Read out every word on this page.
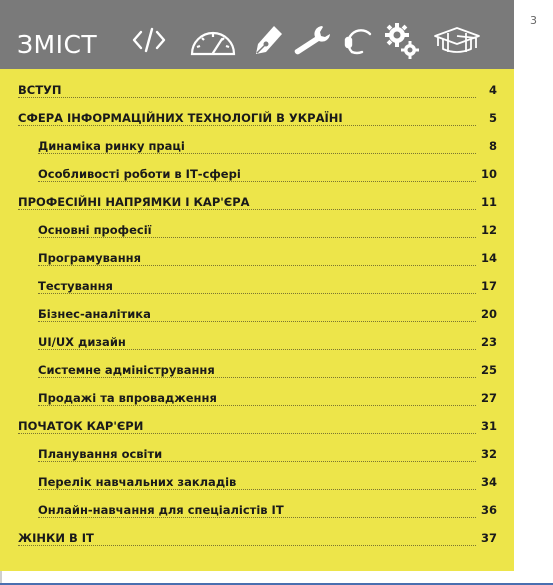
3
ЗМІСТ
ВСТУП	4
СФЕРА ІНФОРМАЦІЙНИХ ТЕХНОЛОГІЙ В УКРАЇНІ	5
Динаміка ринку праці	8
Особливості роботи в ІТ-сфері	10
ПРОФЕСІЙНІ НАПРЯМКИ І КАР'ЄРА	11
Основні професії	12
Програмування	14
Тестування	17
Бізнес-аналітика	20
UI/UX дизайн	23
Системне адміністрування	25
Продажі та впровадження	27
ПОЧАТОК КАР'ЄРИ	31
Планування освіти	32
Перелік навчальних закладів	34
Онлайн-навчання для спеціалістів ІТ	36
ЖІНКИ В ІТ	37
